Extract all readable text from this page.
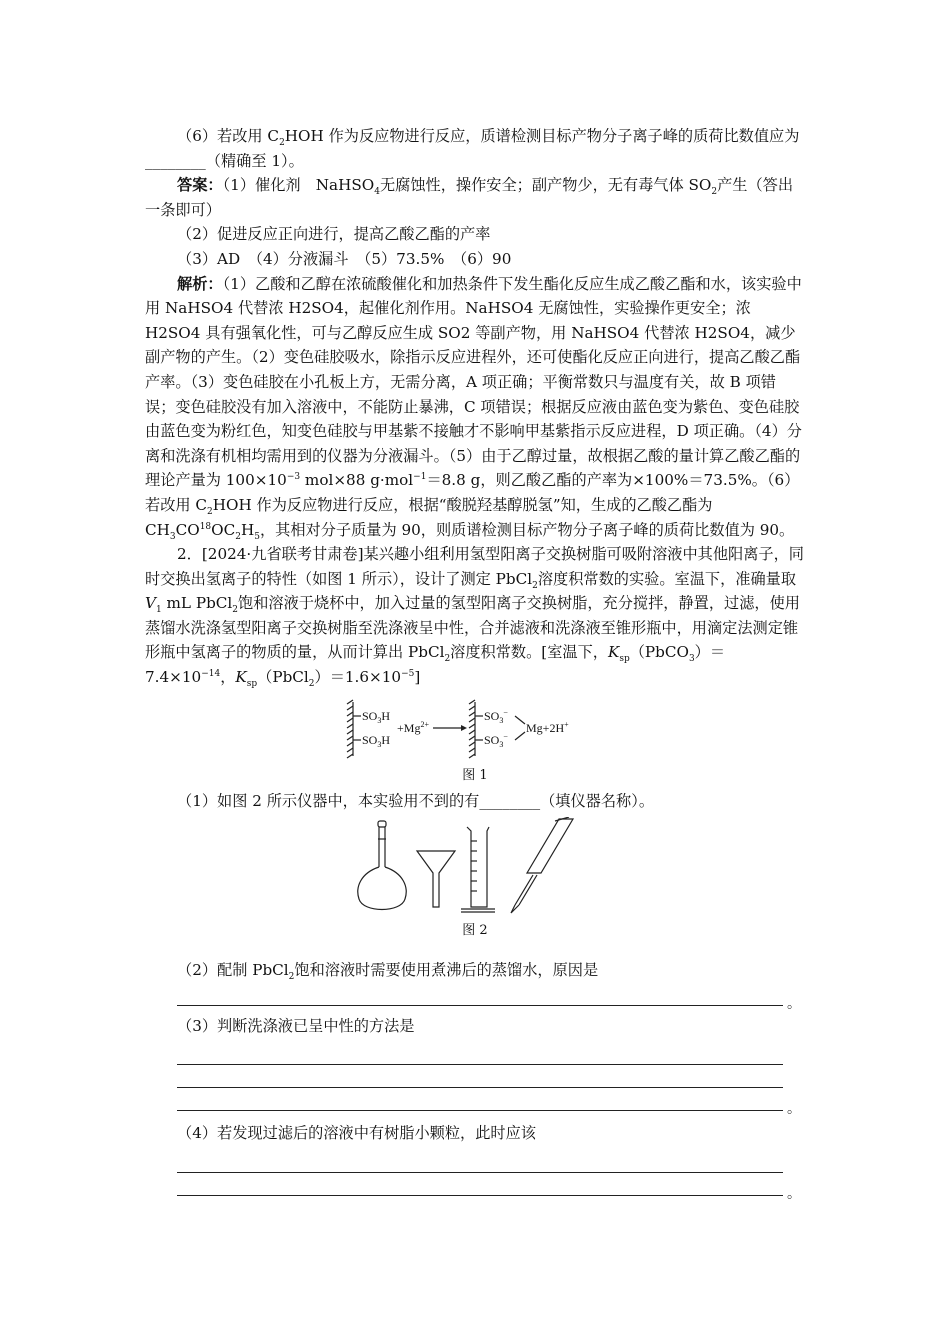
（6）若改用 $C_2HOH$ 作为反应物进行反应，质谱检测目标产物分子离子峰的质荷比数值应为________（精确至 1）。

答案：（1）催化剂　NaHSO$_4$无腐蚀性，操作安全；副产物少，无有毒气体 $SO_2$产生（答出一条即可）

（2）促进反应正向进行，提高乙酸乙酯的产率

（3）AD　（4）分液漏斗　（5）73.5%　（6）90

解析：（1）乙酸和乙醇在浓硫酸催化和加热条件下发生酯化反应生成乙酸乙酯和水，该实验中用 NaHSO4 代替浓 H2SO4，起催化剂作用。NaHSO4 无腐蚀性，实验操作更安全；浓 H2SO4 具有强氧化性，可与乙醇反应生成 SO2 等副产物，用 NaHSO4 代替浓 H2SO4，减少副产物的产生。（2）变色硅胶吸水，除指示反应进程外，还可使酯化反应正向进行，提高乙酸乙酯产率。（3）变色硅胶在小孔板上方，无需分离，A 项正确；平衡常数只与温度有关，故 B 项错误；变色硅胶没有加入溶液中，不能防止暴沸，C 项错误；根据反应液由蓝色变为紫色、变色硅胶由蓝色变为粉红色，知变色硅胶与甲基紫不接触才不影响甲基紫指示反应进程，D 项正确。（4）分离和洗涤有机相均需用到的仪器为分液漏斗。（5）由于乙醇过量，故根据乙酸的量计算乙酸乙酯的理论产量为 $100\times 10^{-3}$ mol×88 g·mol$^{-1}$＝8.8 g，则乙酸乙酯的产率为×100%＝73.5%。（6）若改用 $C_2HOH$ 作为反应物进行反应，根据“酸脱羟基醇脱氢”知，生成的乙酸乙酯为 $CH_3CO^{18}OC_2H_5$，其相对分子质量为 90，则质谱检测目标产物分子离子峰的质荷比数值为 90。

2．[2024·九省联考甘肃卷]某兴趣小组利用氢型阳离子交换树脂可吸附溶液中其他阳离子，同时交换出氢离子的特性（如图 1 所示），设计了测定 PbCl$_2$溶度积常数的实验。室温下，准确量取 $V_1$ mL PbCl$_2$饱和溶液于烧杯中，加入过量的氢型阳离子交换树脂，充分搅拌，静置，过滤，使用蒸馏水洗涤氢型阳离子交换树脂至洗涤液呈中性，合并滤液和洗涤液至锥形瓶中，用滴定法测定锥形瓶中氢离子的物质的量，从而计算出 PbCl$_2$溶度积常数。[室温下，$K_{sp}(PbCO_3)=7.4\times 10^{-14}$，$K_{sp}(PbCl_2)=1.6\times 10^{-5}$]

$SO_3H$
$SO_3H$
$+Mg^{2+}$
$SO_3^-$
$SO_3^-$
Mg+2H+
图 1

（1）如图 2 所示仪器中，本实验用不到的有________（填仪器名称）。

图 2

（2）配制 PbCl$_2$饱和溶液时需要使用煮沸后的蒸馏水，原因是

。

（3）判断洗涤液已呈中性的方法是

。

（4）若发现过滤后的溶液中有树脂小颗粒，此时应该

。
